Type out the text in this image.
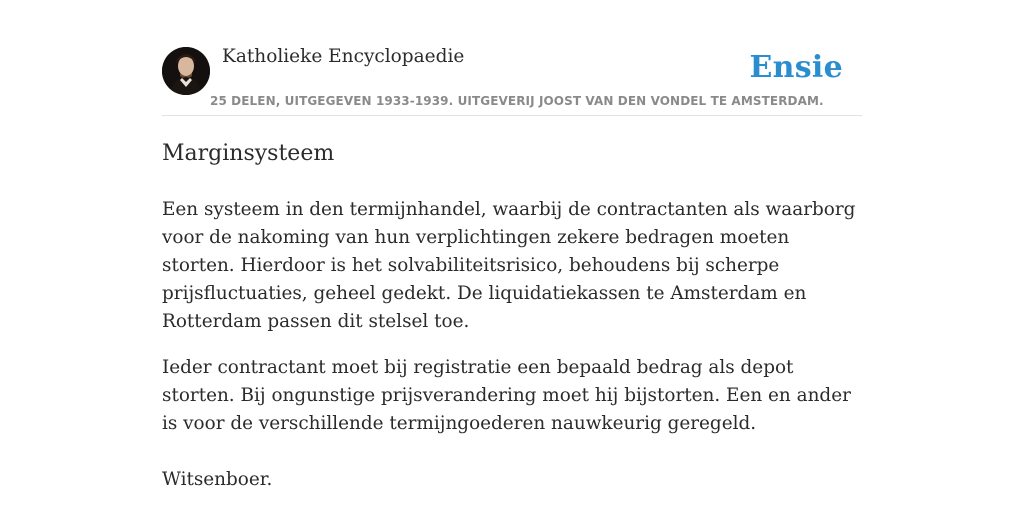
Katholieke Encyclopaedie
25 DELEN, UITGEGEVEN 1933-1939. UITGEVERIJ JOOST VAN DEN VONDEL TE AMSTERDAM.
Ensie
Marginsysteem

Een systeem in den termijnhandel, waarbij de contractanten als waarborg voor de nakoming van hun verplichtingen zekere bedragen moeten storten. Hierdoor is het solvabiliteitsrisico, behoudens bij scherpe prijsfluctuaties, geheel gedekt. De liquidatiekassen te Amsterdam en Rotterdam passen dit stelsel toe.

Ieder contractant moet bij registratie een bepaald bedrag als depot storten. Bij ongunstige prijsverandering moet hij bijstorten. Een en ander is voor de verschillende termijngoederen nauwkeurig geregeld.

Witsenboer.
